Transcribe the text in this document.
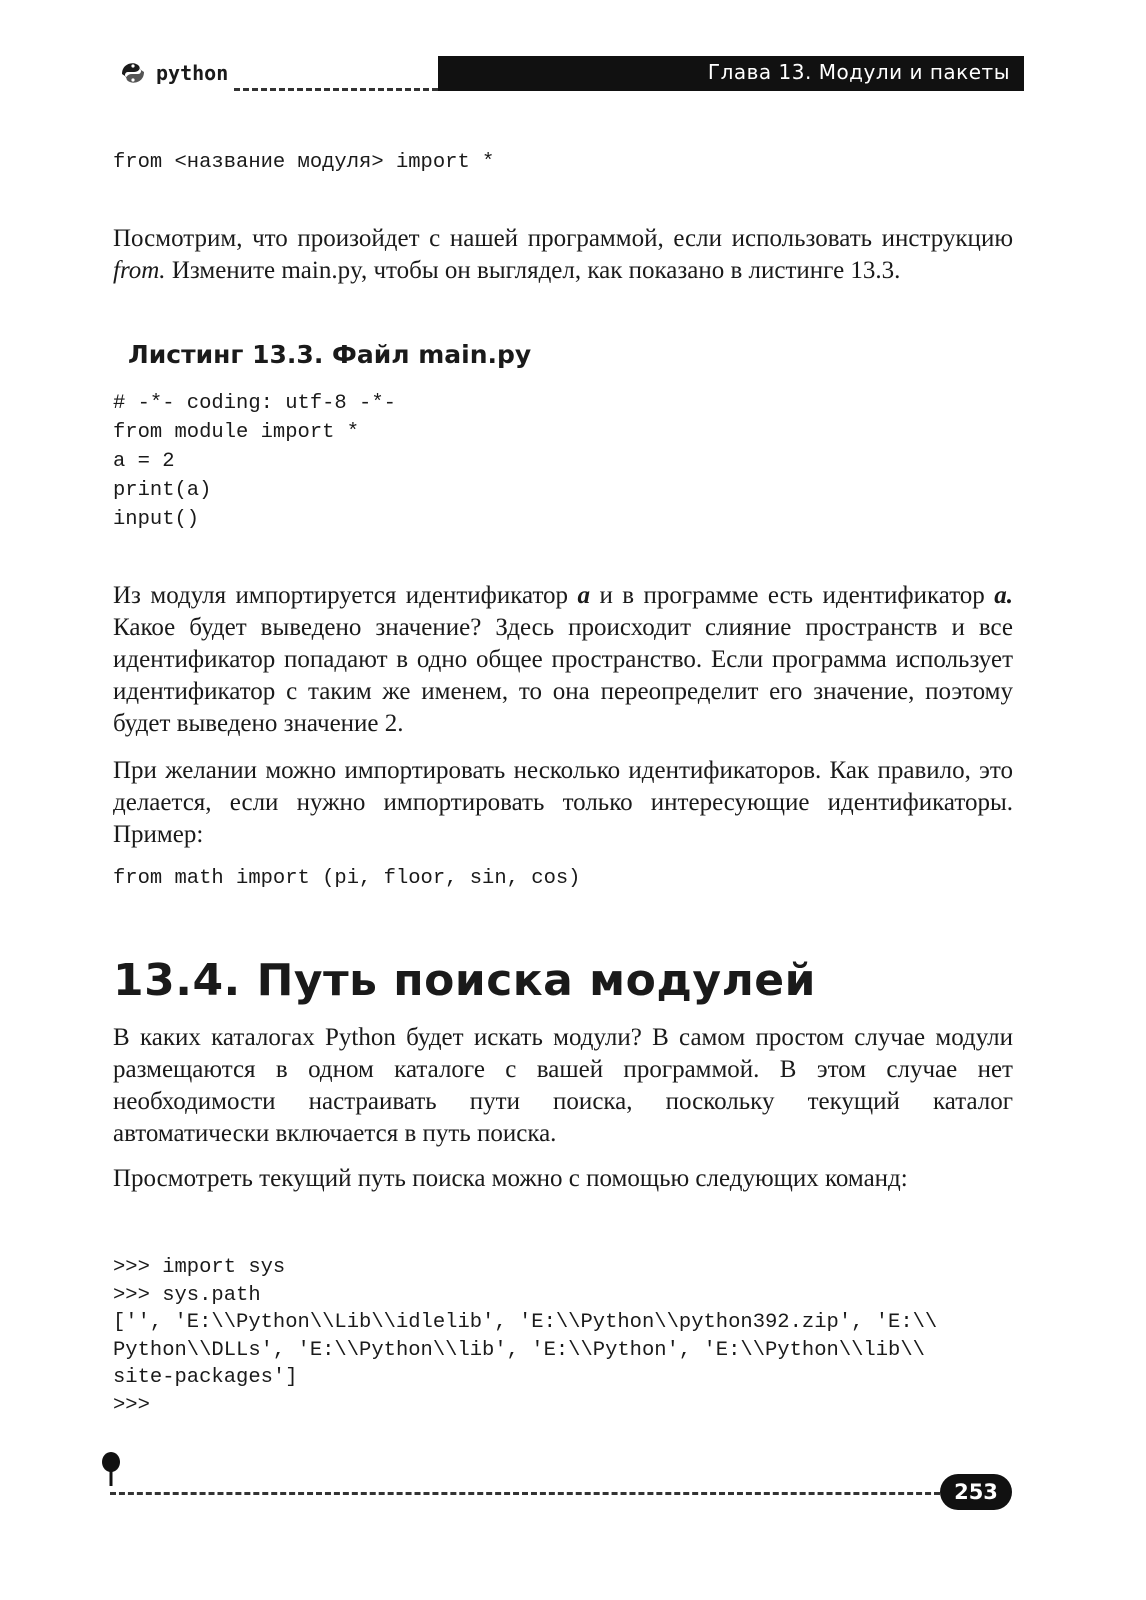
python	Глава 13. Модули и пакеты
from <название модуля> import *

Посмотрим, что произойдет с нашей программой, если использовать инструкцию from. Измените main.py, чтобы он выглядел, как показано в листинге 13.3.

Листинг 13.3. Файл main.py
# -*- coding: utf-8 -*-
from module import *
a = 2
print(a)
input()

Из модуля импортируется идентификатор a и в программе есть идентификатор a. Какое будет выведено значение? Здесь происходит слияние пространств и все идентификатор попадают в одно общее пространство. Если программа использует идентификатор с таким же именем, то она переопределит его значение, поэтому будет выведено значение 2.

При желании можно импортировать несколько идентификаторов. Как правило, это делается, если нужно импортировать только интересующие идентификаторы. Пример:

from math import (pi, floor, sin, cos)
13.4. Путь поиска модулей

В каких каталогах Python будет искать модули? В самом простом случае модули размещаются в одном каталоге с вашей программой. В этом случае нет необходимости настраивать пути поиска, поскольку текущий каталог автоматически включается в путь поиска.

Просмотреть текущий путь поиска можно с помощью следующих команд:

>>> import sys
>>> sys.path
['', 'E:\\Python\\Lib\\idlelib', 'E:\\Python\\python392.zip', 'E:\\
Python\\DLLs', 'E:\\Python\\lib', 'E:\\Python', 'E:\\Python\\lib\\
site-packages']
>>>
253
